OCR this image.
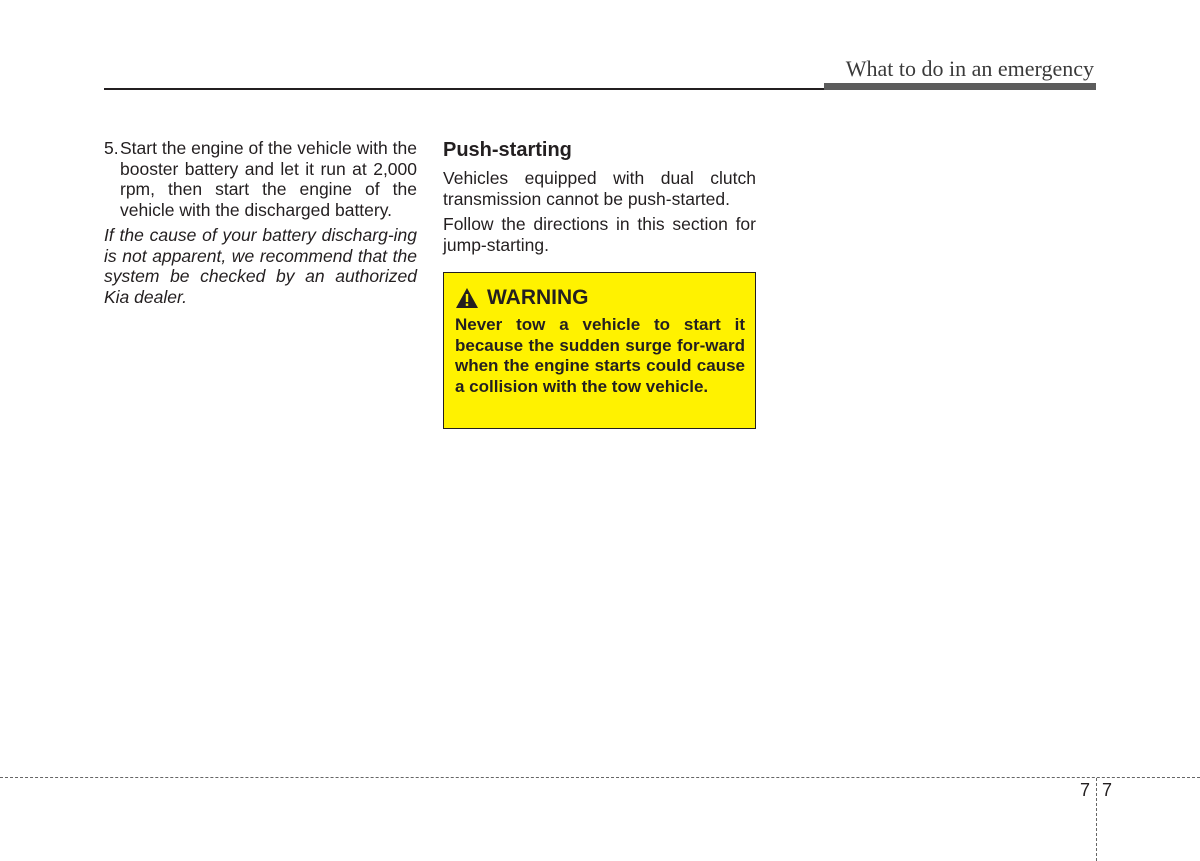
What to do in an emergency
5. Start the engine of the vehicle with the booster battery and let it run at 2,000 rpm, then start the engine of the vehicle with the discharged battery.
If the cause of your battery discharg-ing is not apparent, we recommend that the system be checked by an authorized Kia dealer.
Push-starting

Vehicles equipped with dual clutch transmission cannot be push-started.

Follow the directions in this section for jump-starting.

WARNING
Never tow a vehicle to start it because the sudden surge for-ward when the engine starts could cause a collision with the tow vehicle.
7 7
